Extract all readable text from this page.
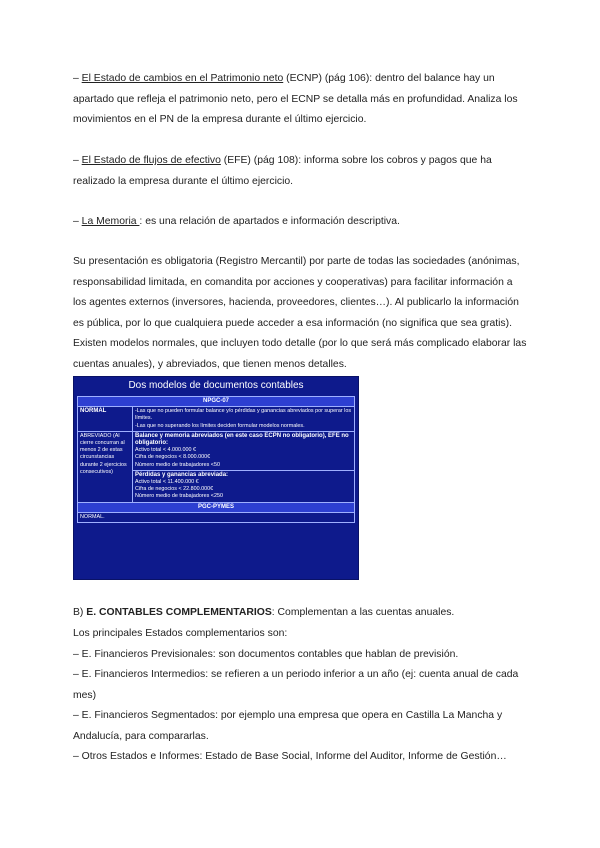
– El Estado de cambios en el Patrimonio neto (ECNP) (pág 106): dentro del balance hay un apartado que refleja el patrimonio neto, pero el ECNP se detalla más en profundidad. Analiza los movimientos en el PN de la empresa durante el último ejercicio.
– El Estado de flujos de efectivo (EFE) (pág 108): informa sobre los cobros y pagos que ha realizado la empresa durante el último ejercicio.
– La Memoria : es una relación de apartados e información descriptiva.
Su presentación es obligatoria (Registro Mercantil) por parte de todas las sociedades (anónimas, responsabilidad limitada, en comandita por acciones y cooperativas) para facilitar información a los agentes externos (inversores, hacienda, proveedores, clientes…). Al publicarlo la información es pública, por lo que cualquiera puede acceder a esa información (no significa que sea gratis). Existen modelos normales, que incluyen todo detalle (por lo que será más complicado elaborar las cuentas anuales), y abreviados, que tienen menos detalles.
Dos modelos de documentos contables
NPGC-07	
NORMAL	-Las que no pueden formular balance y/o pérdidas y ganancias abreviados por superar los límites.
-Las que no superando los límites deciden formular modelos normales.

ABREVIADO (Al cierre concurran al menos 2 de estas circunstancias durante 2 ejercicios consecutivos)	Balance y memoria abreviados (en este caso ECPN no obligatorio), EFE no obligatorio:
Activo total < 4.000.000 €
Cifra de negocios < 8.000.000€
Número medio de trabajadores <50

	Pérdidas y ganancias abreviada:
Activo total < 11.400.000 €
Cifra de negocios < 22.800.000€
Número medio de trabajadores <250

PGC-PYMES	
NORMAL.	
B) E. CONTABLES COMPLEMENTARIOS: Complementan a las cuentas anuales.
Los principales Estados complementarios son:
– E. Financieros Previsionales: son documentos contables que hablan de previsión.
– E. Financieros Intermedios: se refieren a un periodo inferior a un año (ej: cuenta anual de cada mes)
– E. Financieros Segmentados: por ejemplo una empresa que opera en Castilla La Mancha y Andalucía, para compararlas.
– Otros Estados e Informes: Estado de Base Social, Informe del Auditor, Informe de Gestión…
